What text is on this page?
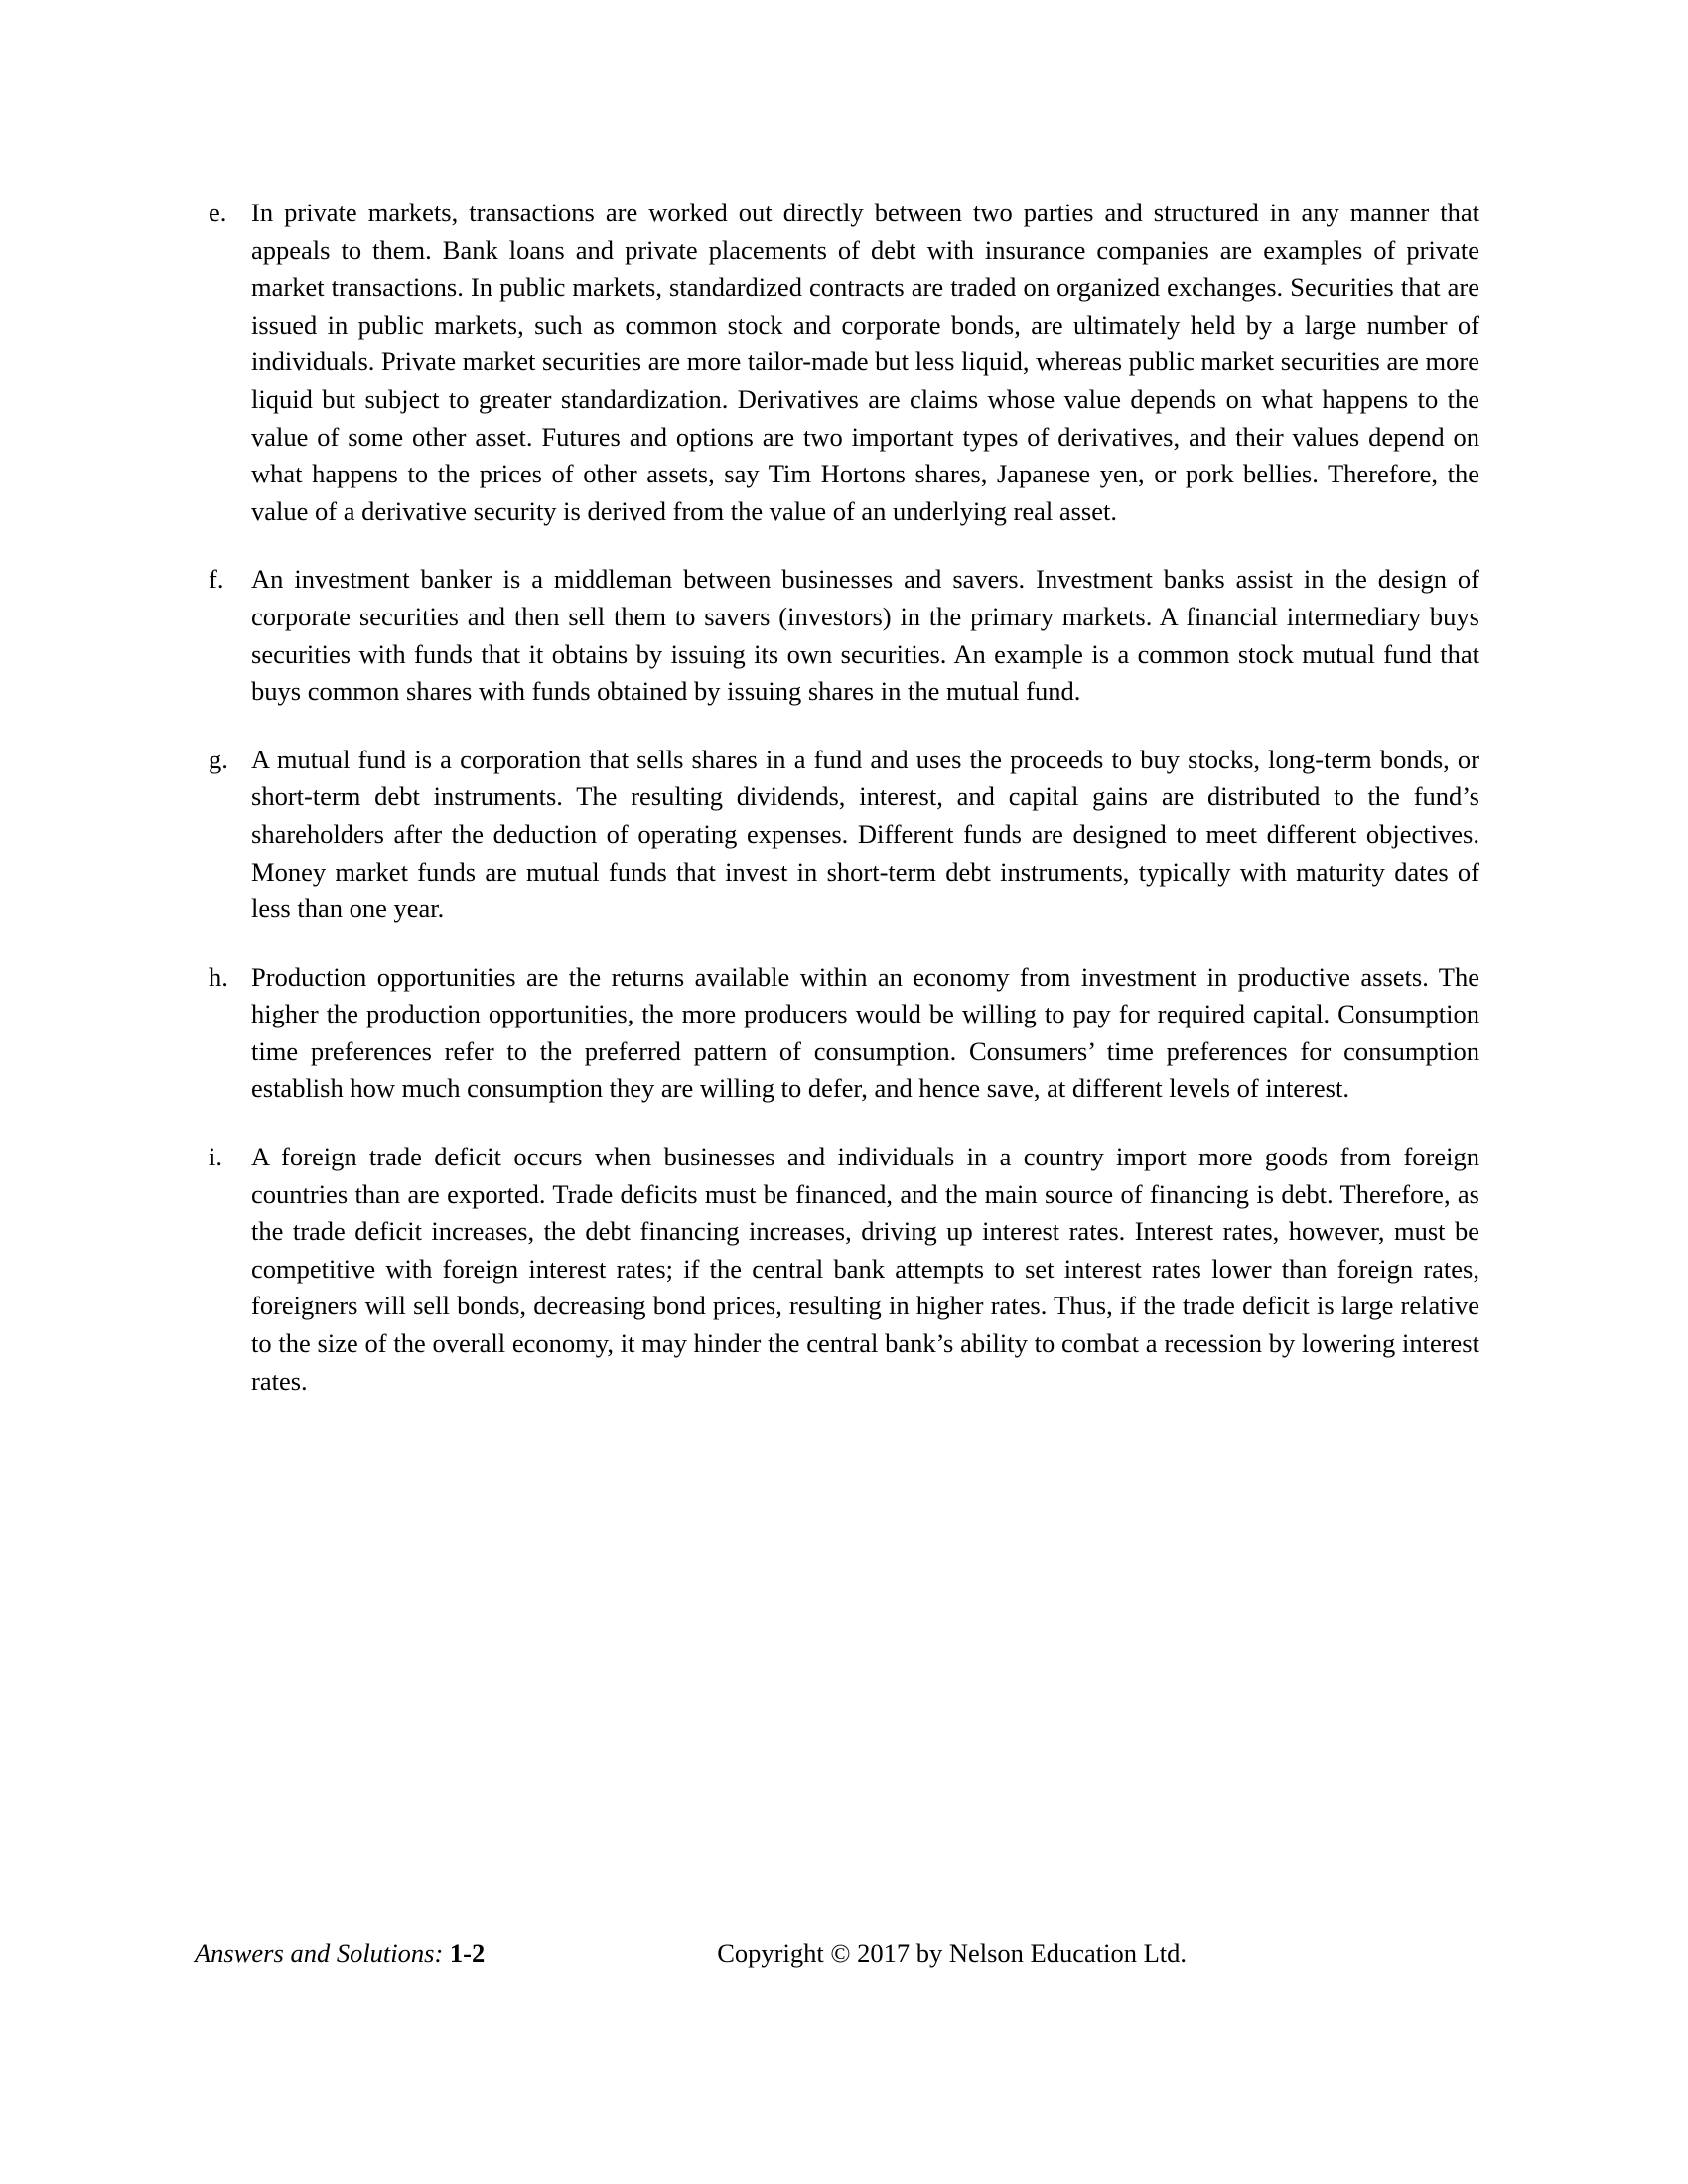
e. In private markets, transactions are worked out directly between two parties and structured in any manner that appeals to them. Bank loans and private placements of debt with insurance companies are examples of private market transactions. In public markets, standardized contracts are traded on organized exchanges. Securities that are issued in public markets, such as common stock and corporate bonds, are ultimately held by a large number of individuals. Private market securities are more tailor-made but less liquid, whereas public market securities are more liquid but subject to greater standardization. Derivatives are claims whose value depends on what happens to the value of some other asset. Futures and options are two important types of derivatives, and their values depend on what happens to the prices of other assets, say Tim Hortons shares, Japanese yen, or pork bellies. Therefore, the value of a derivative security is derived from the value of an underlying real asset.
f.	An investment banker is a middleman between businesses and savers. Investment banks assist in the design of corporate securities and then sell them to savers (investors) in the primary markets. A financial intermediary buys securities with funds that it obtains by issuing its own securities. An example is a common stock mutual fund that buys common shares with funds obtained by issuing shares in the mutual fund.
g. A mutual fund is a corporation that sells shares in a fund and uses the proceeds to buy stocks, long-term bonds, or short-term debt instruments. The resulting dividends, interest, and capital gains are distributed to the fund’s shareholders after the deduction of operating expenses. Different funds are designed to meet different objectives. Money market funds are mutual funds that invest in short-term debt instruments, typically with maturity dates of less than one year.
h. Production opportunities are the returns available within an economy from investment in productive assets. The higher the production opportunities, the more producers would be willing to pay for required capital. Consumption time preferences refer to the preferred pattern of consumption. Consumers’ time preferences for consumption establish how much consumption they are willing to defer, and hence save, at different levels of interest.
i.	A foreign trade deficit occurs when businesses and individuals in a country import more goods from foreign countries than are exported. Trade deficits must be financed, and the main source of financing is debt. Therefore, as the trade deficit increases, the debt financing increases, driving up interest rates. Interest rates, however, must be competitive with foreign interest rates; if the central bank attempts to set interest rates lower than foreign rates, foreigners will sell bonds, decreasing bond prices, resulting in higher rates. Thus, if the trade deficit is large relative to the size of the overall economy, it may hinder the central bank’s ability to combat a recession by lowering interest rates.
Answers and Solutions: 1-2	Copyright © 2017 by Nelson Education Ltd.
